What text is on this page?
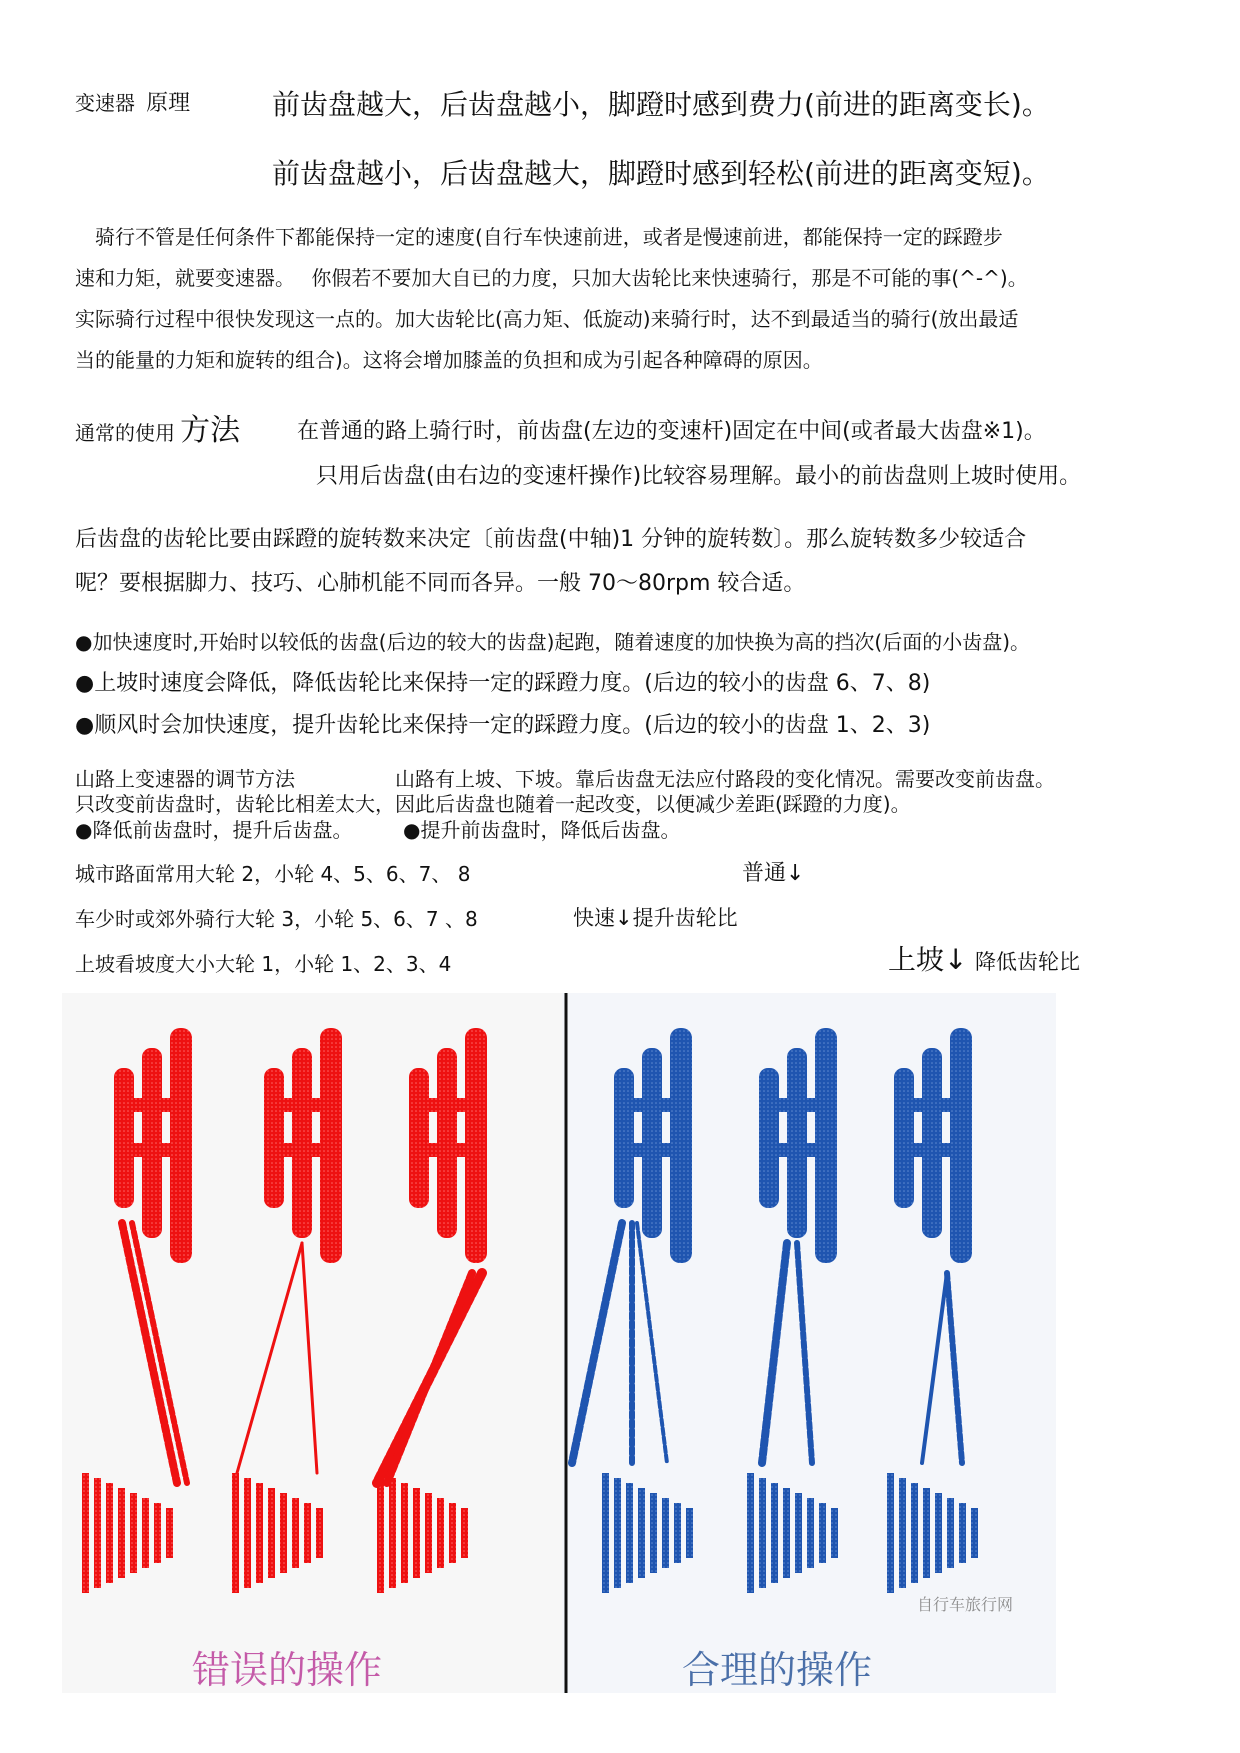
变速器 原理	前齿盘越大，后齿盘越小，脚蹬时感到费力(前进的距离变长)。
前齿盘越小，后齿盘越大，脚蹬时感到轻松(前进的距离变短)。
　骑行不管是任何条件下都能保持一定的速度(自行车快速前进，或者是慢速前进，都能保持一定的踩蹬步
速和力矩，就要变速器。　 你假若不要加大自已的力度，只加大齿轮比来快速骑行，那是不可能的事(^-^)。
实际骑行过程中很快发现这一点的。加大齿轮比(高力矩、低旋动)来骑行时，达不到最适当的骑行(放出最适
当的能量的力矩和旋转的组合)。这将会增加膝盖的负担和成为引起各种障碍的原因。
通常的使用 方法	在普通的路上骑行时，前齿盘(左边的变速杆)固定在中间(或者最大齿盘※1)。
只用后齿盘(由右边的变速杆操作)比较容易理解。最小的前齿盘则上坡时使用。
后齿盘的齿轮比要由踩蹬的旋转数来决定〔前齿盘(中轴)1 分钟的旋转数〕。那么旋转数多少较适合
呢？要根据脚力、技巧、心肺机能不同而各异。一般 70～80rpm 较合适。
●加快速度时,开始时以较低的齿盘(后边的较大的齿盘)起跑，随着速度的加快换为高的挡次(后面的小齿盘)。
●上坡时速度会降低，降低齿轮比来保持一定的踩蹬力度。(后边的较小的齿盘 6、7、8)
●顺风时会加快速度，提升齿轮比来保持一定的踩蹬力度。(后边的较小的齿盘 1、2、3)
山路上变速器的调节方法	山路有上坡、下坡。靠后齿盘无法应付路段的变化情况。需要改变前齿盘。
只改变前齿盘时，齿轮比相差太大，因此后齿盘也随着一起改变，以便减少差距(踩蹬的力度)。
●降低前齿盘时，提升后齿盘。	●提升前齿盘时，降低后齿盘。
城市路面常用大轮 2，小轮 4、5、6、7、 8	普通↓
车少时或郊外骑行大轮 3，小轮 5、6、7 、8	快速↓提升齿轮比
上坡看坡度大小大轮 1，小轮 1、2、3、4	上坡↓ 降低齿轮比
错误的操作	合理的操作
自行车旅行网
